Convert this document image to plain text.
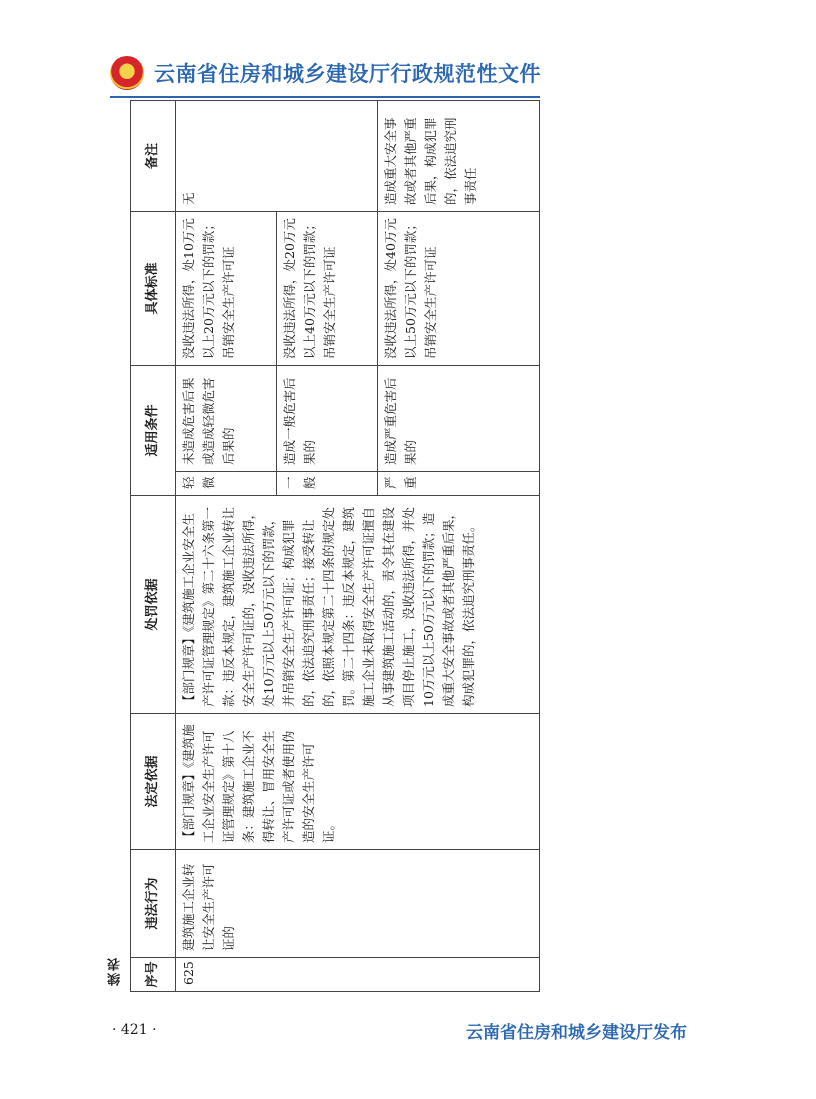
云南省住房和城乡建设厅行政规范性文件
续表	序号	违法行为	法定依据	处罚依据	适用条件		具体标准	备注
625	建筑施工企业转让安全生产许可证的	【部门规章】《建筑施工企业安全生产许可证管理规定》第十八条：建筑施工企业不得转让、冒用安全生产许可证或者使用伪造的安全生产许可证。	【部门规章】《建筑施工企业安全生产许可证管理规定》第二十六条第一款：违反本规定，建筑施工企业转让安全生产许可证的，没收违法所得，处10万元以上50万元以下的罚款，并吊销安全生产许可证；构成犯罪的，依法追究刑事责任；接受转让的，依照本规定第二十四条的规定处罚。第二十四条：违反本规定，建筑施工企业未取得安全生产许可证擅自从事建筑施工活动的，责令其在建设项目停止施工，没收违法所得，并处10万元以上50万元以下的罚款；造成重大安全事故或者其他严重后果，构成犯罪的，依法追究刑事责任。	轻微	未造成危害后果或造成轻微危害后果的	没收违法所得，处10万元以上20万元以下的罚款；吊销安全生产许可证	无
				一般	造成一般危害后果的	没收违法所得，处20万元以上40万元以下的罚款；吊销安全生产许可证	
				严重	造成严重危害后果的	没收违法所得，处40万元以上50万元以下的罚款；吊销安全生产许可证	造成重大安全事故或者其他严重后果，构成犯罪的，依法追究刑事责任
· 421 ·	云南省住房和城乡建设厅发布
